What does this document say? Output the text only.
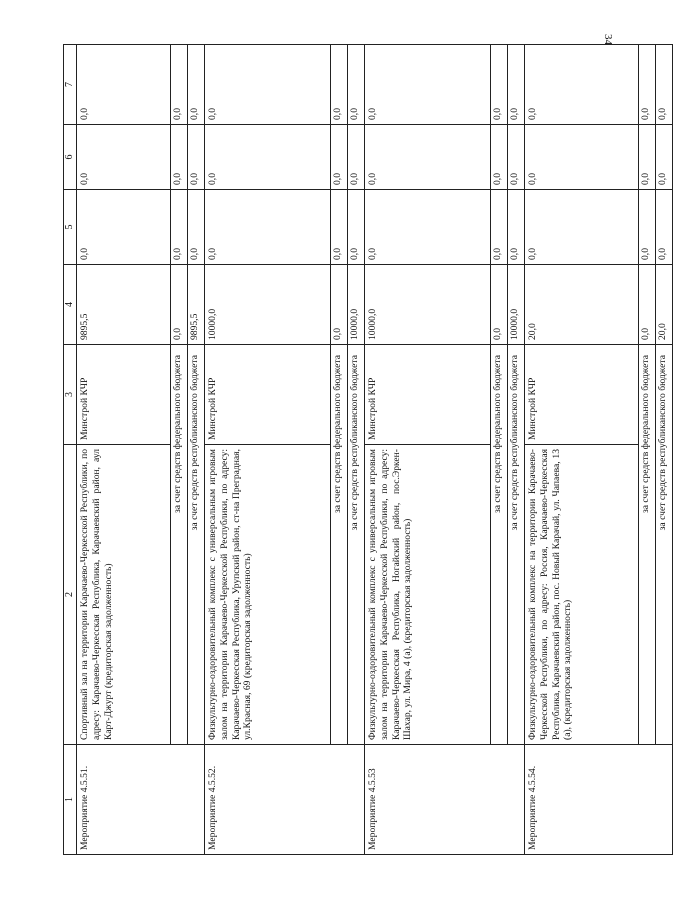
34
1	2	3	4	5	6	7
Мероприятие 4.5.51.	Спортивный зал на территории Карачаево-Черкесской Республики, по адресу: Карачаево-Черкесская Республика, Карачаевский район, аул Карт-Джурт (кредиторская задолженность)	Минстрой КЧР	9895,5	0,0	0,0	0,0
	за счет средств федерального бюджета		0,0	0,0	0,0	0,0
	за счет средств республиканского бюджета		9895,5	0,0	0,0	0,0
Мероприятие 4.5.52.	Физкультурно-оздоровительный комплекс с универсальным игровым залом на территории Карачаево-Черкесской Республики, по адресу: Карачаево-Черкесская Республика, Урупский район, ст-на Преградная, ул.Красная, 69 (кредиторская задолженность)	Минстрой КЧР	10000,0	0,0	0,0	0,0
	за счет средств федерального бюджета		0,0	0,0	0,0	0,0
	за счет средств республиканского бюджета		10000,0	0,0	0,0	0,0
Мероприятие 4.5.53	Физкультурно-оздоровительный комплекс с универсальным игровым залом на территории Карачаево-Черкесской Республики, по адресу: Карачаево-Черкесская Республика, Ногайский район, пос.Эркен-Шахар, ул. Мира, 4 (а), (кредиторская задолженность)	Минстрой КЧР	10000,0	0,0	0,0	0,0
	за счет средств федерального бюджета		0,0	0,0	0,0	0,0
	за счет средств республиканского бюджета		10000,0	0,0	0,0	0,0
Мероприятие 4.5.54.	Физкультурно-оздоровительный комплекс на территории Карачаево-Черкесской Республики, по адресу: Россия, Карачаево-Черкесская Республика, Карачаевский район, пос. Новый Карачай, ул. Чапаева, 13 (а), (кредиторская задолженность)	Минстрой КЧР	20,0	0,0	0,0	0,0
	за счет средств федерального бюджета		0,0	0,0	0,0	0,0
	за счет средств республиканского бюджета		20,0	0,0	0,0	0,0
